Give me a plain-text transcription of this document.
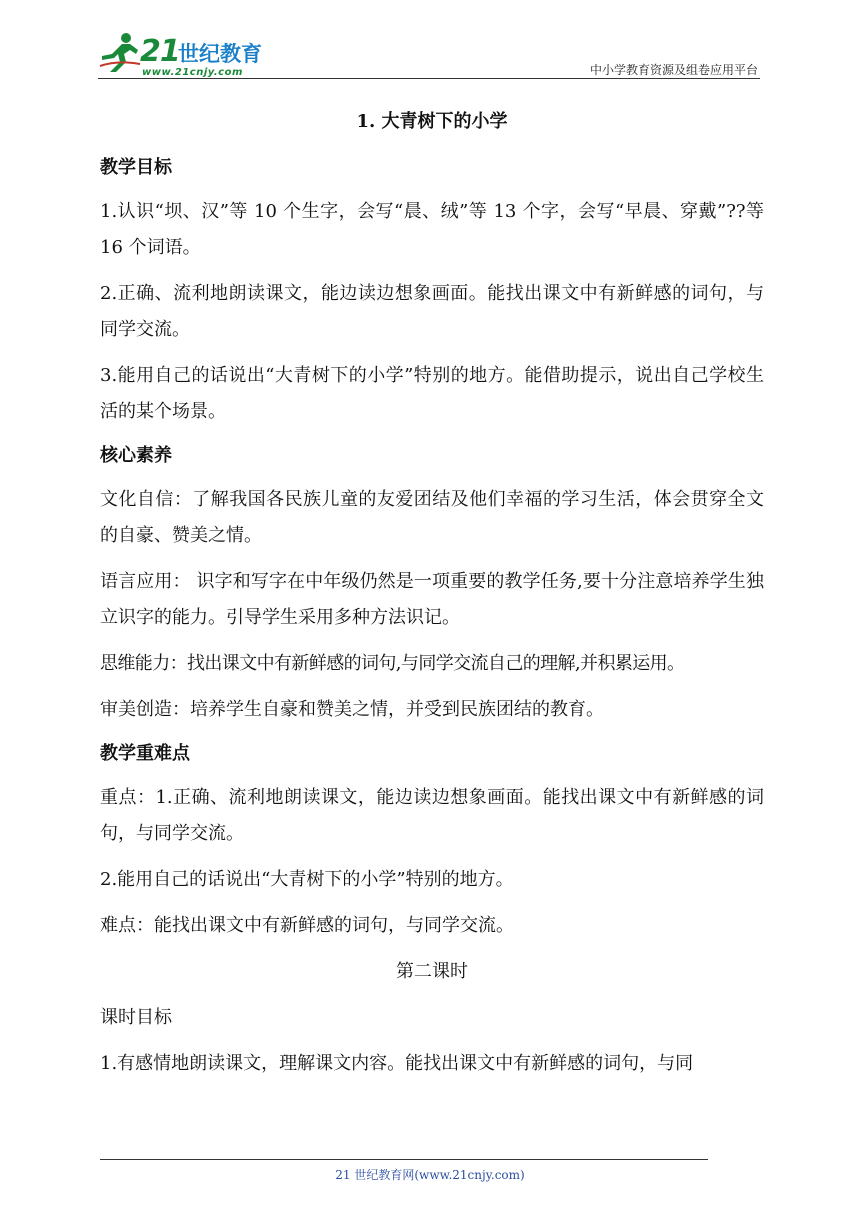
21
世纪教育
www.21cnjy.com	中小学教育资源及组卷应用平台
1. 大青树下的小学

教学目标

1.认识“坝、汉”等 10 个生字，会写“晨、绒”等 13 个字，会写“早晨、穿戴”??等 16 个词语。

2.正确、流利地朗读课文，能边读边想象画面。能找出课文中有新鲜感的词句，与同学交流。

3.能用自己的话说出“大青树下的小学”特别的地方。能借助提示，说出自己学校生活的某个场景。

核心素养

文化自信：了解我国各民族儿童的友爱团结及他们幸福的学习生活，体会贯穿全文的自豪、赞美之情。

语言应用： 识字和写字在中年级仍然是一项重要的教学任务,要十分注意培养学生独立识字的能力。引导学生采用多种方法识记。

思维能力：找出课文中有新鲜感的词句,与同学交流自己的理解,并积累运用。

审美创造：培养学生自豪和赞美之情，并受到民族团结的教育。

教学重难点

重点：1.正确、流利地朗读课文，能边读边想象画面。能找出课文中有新鲜感的词句，与同学交流。

2.能用自己的话说出“大青树下的小学”特别的地方。

难点：能找出课文中有新鲜感的词句，与同学交流。

第二课时

课时目标

1.有感情地朗读课文，理解课文内容。能找出课文中有新鲜感的词句，与同

21 世纪教育网(www.21cnjy.com)
